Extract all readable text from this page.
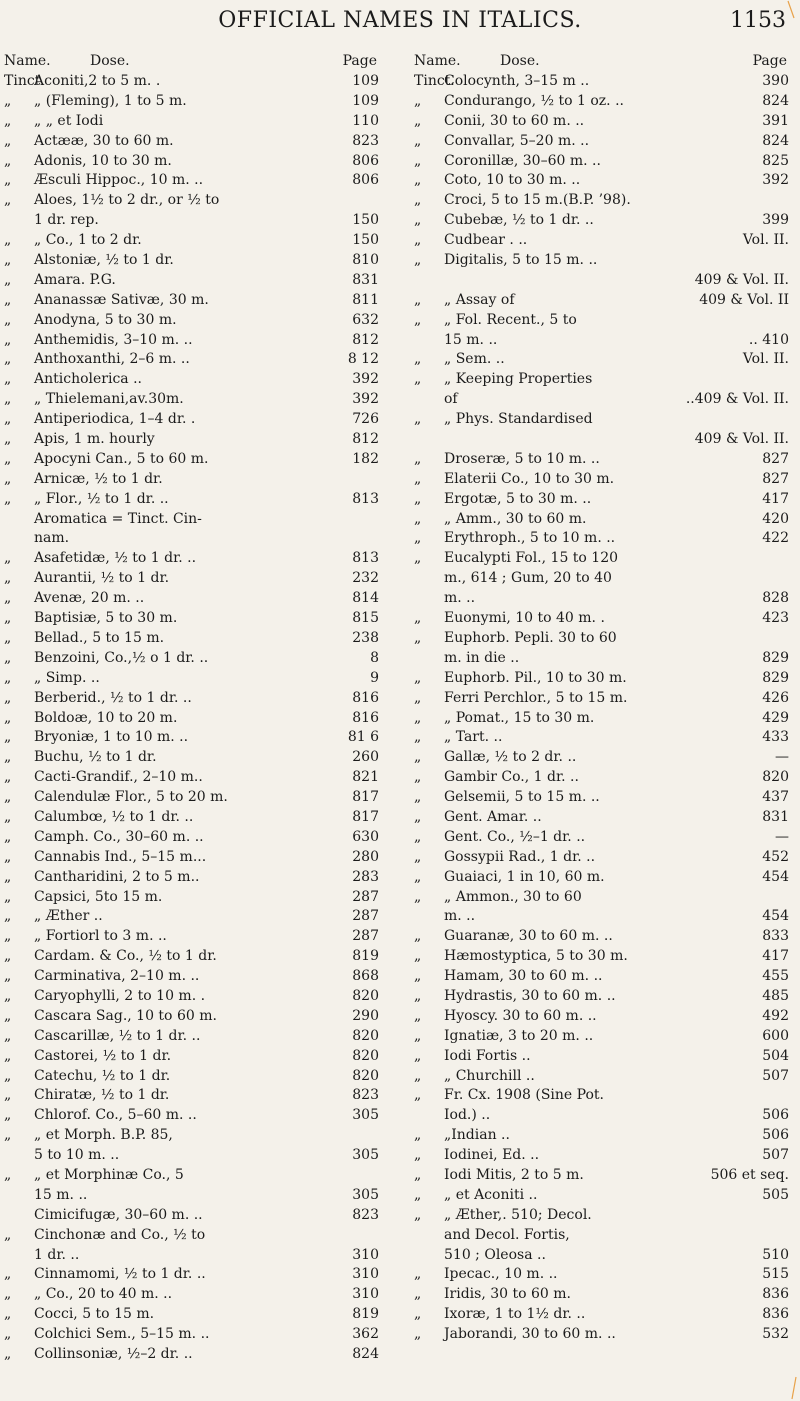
OFFICIAL NAMES IN ITALICS.	1153
Name.	Dose.	Page
Tinct.Aconiti,2 to 5 m. .	109
„ „ (Fleming), 1 to 5 m.	109
„ „ „ et Iodi	110
„ Actææ, 30 to 60 m.	823
„ Adonis, 10 to 30 m.	806
„ Æsculi Hippoc., 10 m. ..	806
„ Aloes, 1½ to 2 dr., or ½ to
1 dr. rep.	150
„ „ Co., 1 to 2 dr.	150
„ Alstoniæ, ½ to 1 dr.	810
„ Amara. P.G.	831
„ Ananassæ Sativæ, 30 m.	811
„ Anodyna, 5 to 30 m.	632
„ Anthemidis, 3–10 m. ..	812
„ Anthoxanthi, 2–6 m. ..	8 12
„ Anticholerica ..	392
„ „ Thielemani,av.30m.	392
„ Antiperiodica, 1–4 dr. .	726
„ Apis, 1 m. hourly	812
„ Apocyni Can., 5 to 60 m.	182
„ Arnicæ, ½ to 1 dr.
„ „ Flor., ½ to 1 dr. ..	813
Aromatica = Tinct. Cin-
nam.
„ Asafetidæ, ½ to 1 dr. ..	813
„ Aurantii, ½ to 1 dr.	232
„ Avenæ, 20 m. ..	814
„ Baptisiæ, 5 to 30 m.	815
„ Bellad., 5 to 15 m.	238
„ Benzoini, Co.,½ o 1 dr. ..	8
„ „ Simp. ..	9
„ Berberid., ½ to 1 dr. ..	816
„ Boldoæ, 10 to 20 m.	816
„ Bryoniæ, 1 to 10 m. ..	81 6
„ Buchu, ½ to 1 dr.	260
„ Cacti-Grandif., 2–10 m..	821
„ Calendulæ Flor., 5 to 20 m.	817
„ Calumbœ, ½ to 1 dr. ..	817
„ Camph. Co., 30–60 m. ..	630
„ Cannabis Ind., 5–15 m...	280
„ Cantharidini, 2 to 5 m..	283
„ Capsici, 5to 15 m.	287
„ „ Æther ..	287
„ „ Fortiorl to 3 m. ..	287
„ Cardam. & Co., ½ to 1 dr.	819
„ Carminativa, 2–10 m. ..	868
„ Caryophylli, 2 to 10 m. .	820
„ Cascara Sag., 10 to 60 m.	290
„ Cascarillæ, ½ to 1 dr. ..	820
„ Castorei, ½ to 1 dr.	820
„ Catechu, ½ to 1 dr.	820
„ Chiratæ, ½ to 1 dr.	823
„ Chlorof. Co., 5–60 m. ..	305
„ „ et Morph. B.P. 85,
5 to 10 m. ..	305
„ „ et Morphinæ Co., 5
15 m. ..	305
Cimicifugæ, 30–60 m. ..	823
„ Cinchonæ and Co., ½ to
1 dr. ..	310
„ Cinnamomi, ½ to 1 dr. ..	310
„ „ Co., 20 to 40 m. ..	310
„ Cocci, 5 to 15 m.	819
„ Colchici Sem., 5–15 m. ..	362
„ Collinsoniæ, ½–2 dr. ..	824
Name.	Dose.	Page
Tinct.Colocynth, 3–15 m ..	390
„ Condurango, ½ to 1 oz. ..	824
„ Conii, 30 to 60 m. ..	391
„ Convallar, 5–20 m. ..	824
„ Coronillæ, 30–60 m. ..	825
„ Coto, 10 to 30 m. ..	392
„ Croci, 5 to 15 m.(B.P. ’98).
„ Cubebæ, ½ to 1 dr. ..	399
„ Cudbear . ..	Vol. II.
„ Digitalis, 5 to 15 m. ..
409 & Vol. II.
„ „ Assay of	409 & Vol. II
„ „ Fol. Recent., 5 to
15 m. ..	.. 410
„ „ Sem. ..	Vol. II.
„ „ Keeping Properties
of	..409 & Vol. II.
„ „ Phys. Standardised
409 & Vol. II.
„ Droseræ, 5 to 10 m. ..	827
„ Elaterii Co., 10 to 30 m.	827
„ Ergotæ, 5 to 30 m. ..	417
„ „ Amm., 30 to 60 m.	420
„ Erythroph., 5 to 10 m. ..	422
„ Eucalypti Fol., 15 to 120
m., 614 ; Gum, 20 to 40
m. ..	828
„ Euonymi, 10 to 40 m. .	423
„ Euphorb. Pepli. 30 to 60
m. in die ..	829
„ Euphorb. Pil., 10 to 30 m.	829
„ Ferri Perchlor., 5 to 15 m.	426
„ „ Pomat., 15 to 30 m.	429
„ „ Tart. ..	433
„ Gallæ, ½ to 2 dr. ..	—
„ Gambir Co., 1 dr. ..	820
„ Gelsemii, 5 to 15 m. ..	437
„ Gent. Amar. ..	831
„ Gent. Co., ½–1 dr. ..	—
„ Gossypii Rad., 1 dr. ..	452
„ Guaiaci, 1 in 10, 60 m.	454
„ „ Ammon., 30 to 60
m. ..	454
„ Guaranæ, 30 to 60 m. ..	833
„ Hæmostyptica, 5 to 30 m.	417
„ Hamam, 30 to 60 m. ..	455
„ Hydrastis, 30 to 60 m. ..	485
„ Hyoscy. 30 to 60 m. ..	492
„ Ignatiæ, 3 to 20 m. ..	600
„ Iodi Fortis ..	504
„ „ Churchill ..	507
„ Fr. Cx. 1908 (Sine Pot.
Iod.) ..	506
„ „Indian ..	506
„ Iodinei, Ed. ..	507
„ Iodi Mitis, 2 to 5 m.	506 et seq.
„ „ et Aconiti ..	505
„ „ Æther,. 510; Decol.
and Decol. Fortis,
510 ; Oleosa ..	510
„ Ipecac., 10 m. ..	515
„ Iridis, 30 to 60 m.	836
„ Ixoræ, 1 to 1½ dr. ..	836
„ Jaborandi, 30 to 60 m. ..	532
